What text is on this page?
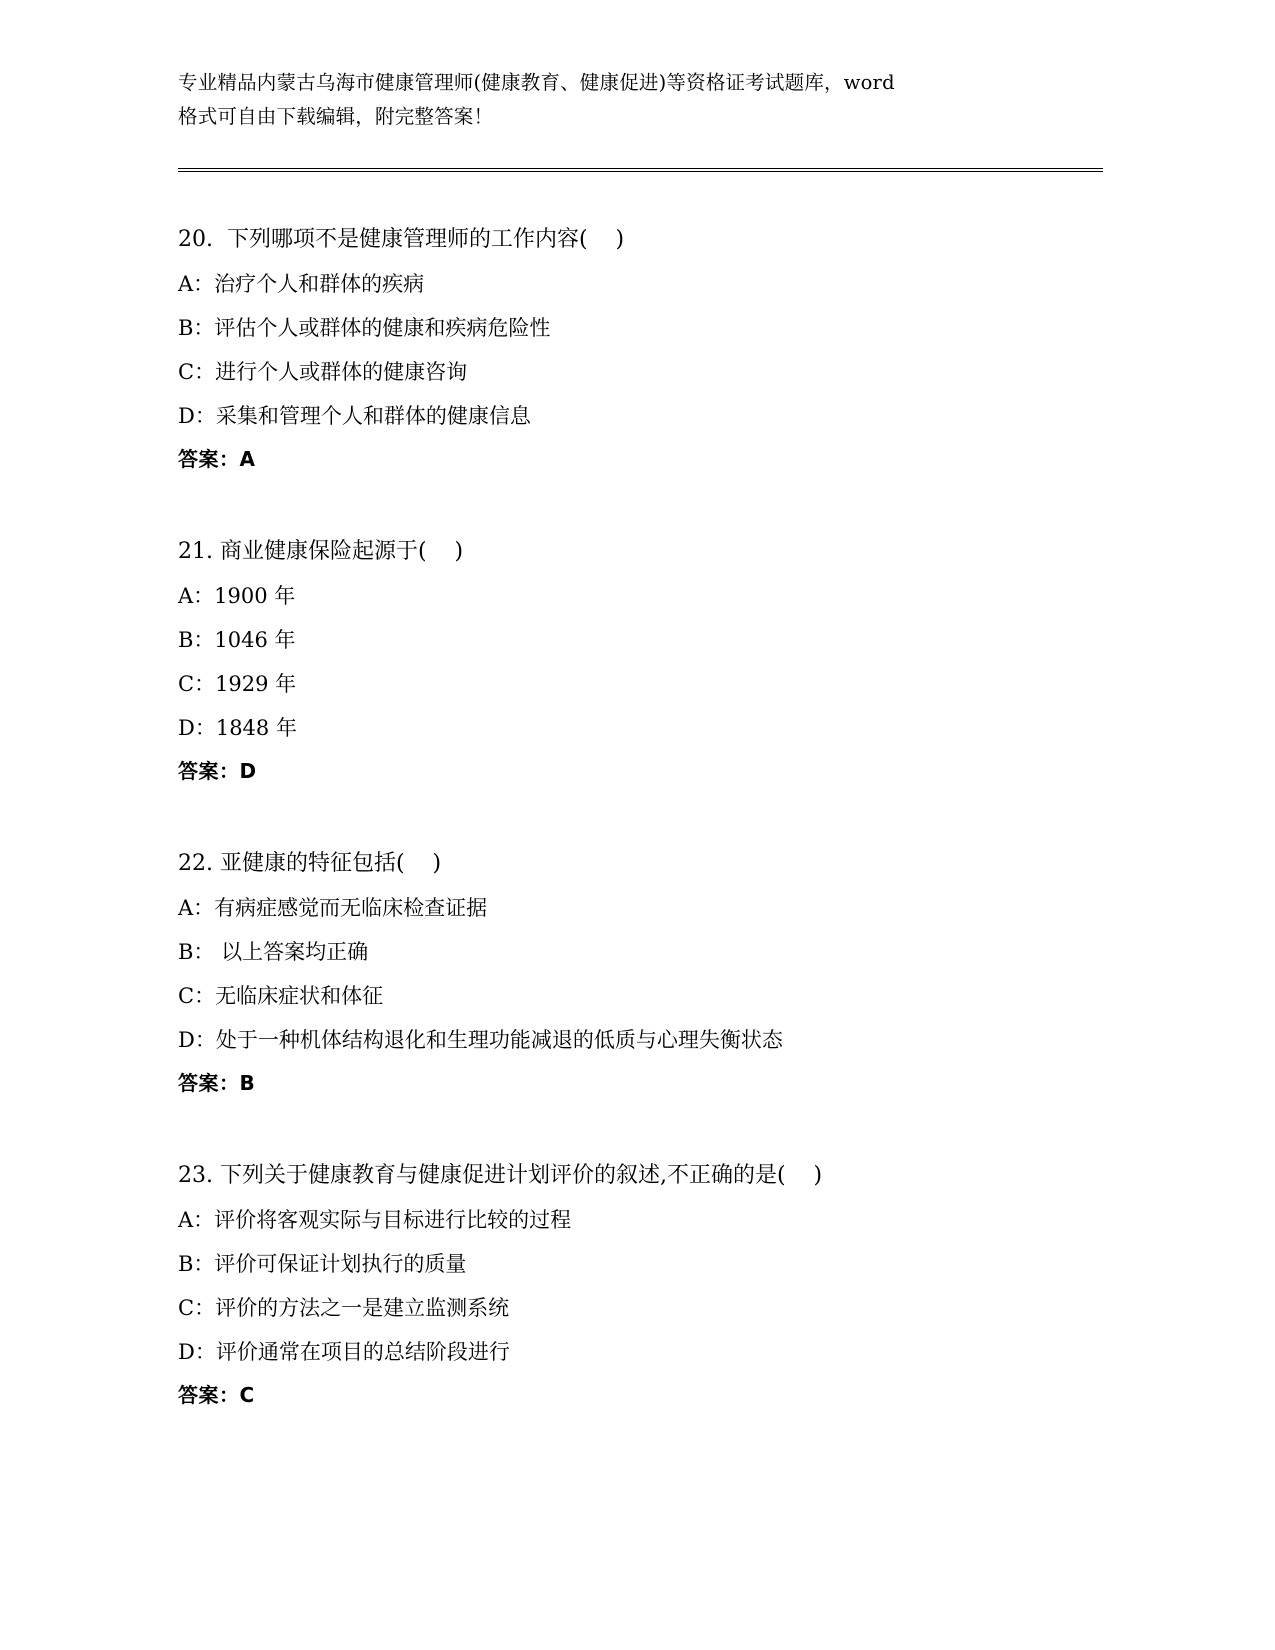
专业精品内蒙古乌海市健康管理师(健康教育、健康促进)等资格证考试题库，word
格式可自由下载编辑，附完整答案！
20.  下列哪项不是健康管理师的工作内容(    )
A：治疗个人和群体的疾病
B：评估个人或群体的健康和疾病危险性
C：进行个人或群体的健康咨询
D：采集和管理个人和群体的健康信息
答案：A
21. 商业健康保险起源于(    )
A：1900 年
B：1046 年
C：1929 年
D：1848 年
答案：D
22. 亚健康的特征包括(    )
A：有病症感觉而无临床检查证据
B： 以上答案均正确
C：无临床症状和体征
D：处于一种机体结构退化和生理功能减退的低质与心理失衡状态
答案：B
23. 下列关于健康教育与健康促进计划评价的叙述,不正确的是(    )
A：评价将客观实际与目标进行比较的过程
B：评价可保证计划执行的质量
C：评价的方法之一是建立监测系统
D：评价通常在项目的总结阶段进行
答案：C
